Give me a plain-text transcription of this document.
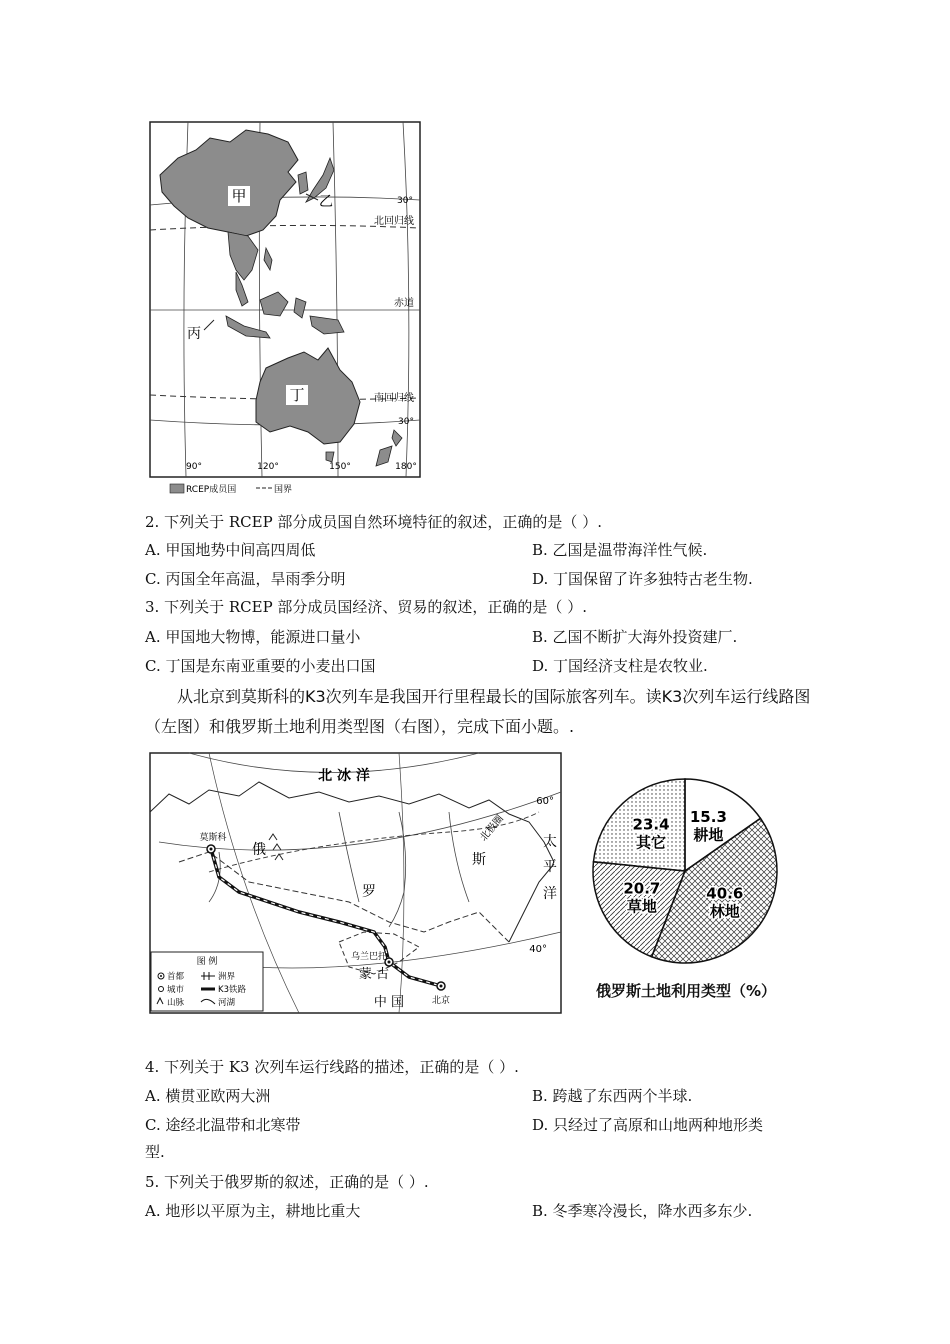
甲	乙
丙
丁
30°
北回归线
赤道
南回归线
30°
90°	120°	150°	180°
RCEP成员国	国界
2. 下列关于 RCEP 部分成员国自然环境特征的叙述，正确的是（ ）.
A. 甲国地势中间高四周低	B. 乙国是温带海洋性气候.
C. 丙国全年高温，旱雨季分明	D. 丁国保留了许多独特古老生物.
3. 下列关于 RCEP 部分成员国经济、贸易的叙述，正确的是（ ）.
A. 甲国地大物博，能源进口量小	B. 乙国不断扩大海外投资建厂.
C. 丁国是东南亚重要的小麦出口国	D. 丁国经济支柱是农牧业.
从北京到莫斯科的K3次列车是我国开行里程最长的国际旅客列车。读K3次列车运行线路图（左图）和俄罗斯土地利用类型图（右图），完成下面小题。.
北 冰 洋
北极圈
60°
40°
太
平
洋
俄
罗
斯
莫斯科
乌兰巴托
蒙 古
中 国	北京
图 例
首都	洲界
城市	K3铁路
山脉	河湖
15.3
耕地
40.6
林地
20.7
草地
23.4
其它
俄罗斯土地利用类型（%）
4. 下列关于 K3 次列车运行线路的描述，正确的是（ ）.
A. 横贯亚欧两大洲	B. 跨越了东西两个半球.
C. 途经北温带和北寒带	D. 只经过了高原和山地两种地形类
型.
5. 下列关于俄罗斯的叙述，正确的是（ ）.
A. 地形以平原为主，耕地比重大	B. 冬季寒冷漫长，降水西多东少.
